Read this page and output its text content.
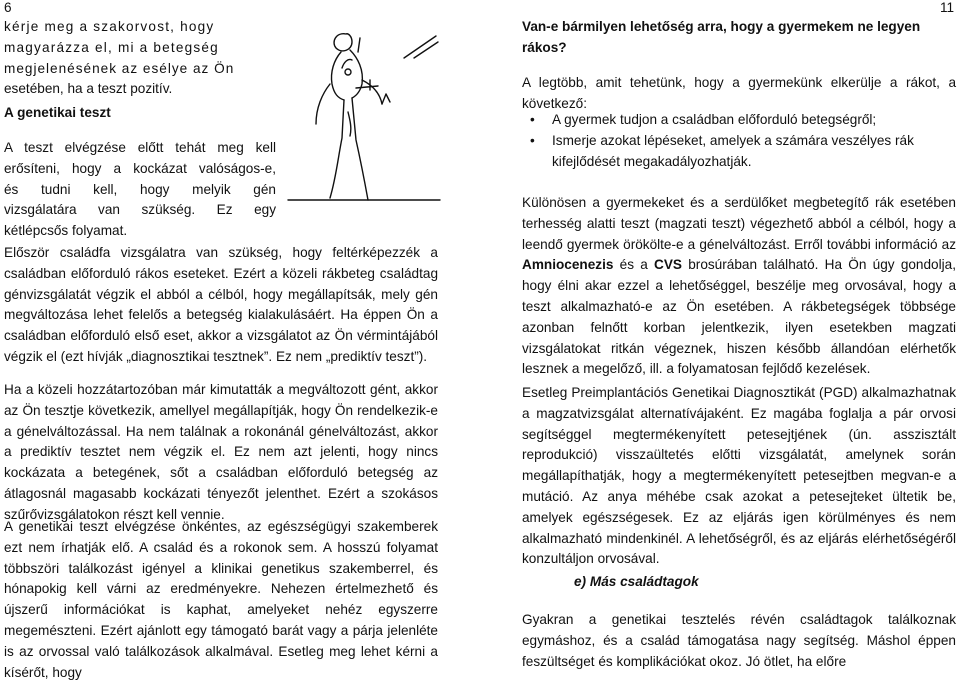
6	11
kérje meg a szakorvost, hogy
magyarázza el, mi a betegség
megjelenésének az esélye az Ön
esetében, ha a teszt pozitív.
A genetikai teszt
A teszt elvégzése előtt tehát meg kell
erősíteni, hogy a kockázat valóságos-e,
és tudni kell, hogy melyik gén
vizsgálatára van szükség. Ez egy
kétlépcsős folyamat.

Először családfa vizsgálatra van szükség, hogy feltérképezzék a családban előforduló rákos eseteket. Ezért a közeli rákbeteg családtag génvizsgálatát végzik el abból a célból, hogy megállapítsák, mely gén megváltozása lehet felelős a betegség kialakulásáért. Ha éppen Ön a családban előforduló első eset, akkor a vizsgálatot az Ön vérmintájából végzik el (ezt hívják „diagnosztikai tesztnek”. Ez nem „prediktív teszt”).

Ha a közeli hozzátartozóban már kimutatták a megváltozott gént, akkor az Ön tesztje következik, amellyel megállapítják, hogy Ön rendelkezik-e a génelváltozással. Ha nem találnak a rokonánál génelváltozást, akkor a prediktív tesztet nem végzik el. Ez nem azt jelenti, hogy nincs kockázata a betegének, sőt a családban előforduló betegség az átlagosnál magasabb kockázati tényezőt jelenthet. Ezért a szokásos szűrővizsgálatokon részt kell vennie.

A genetikai teszt elvégzése önkéntes, az egészségügyi szakemberek ezt nem írhatják elő. A család és a rokonok sem. A hosszú folyamat többszöri találkozást igényel a klinikai genetikus szakemberrel, és hónapokig kell várni az eredményekre. Nehezen értelmezhető és újszerű információkat is kaphat, amelyeket nehéz egyszerre megemészteni. Ezért ajánlott egy támogató barát vagy a párja jelenléte is az orvossal való találkozások alkalmával. Esetleg meg lehet kérni a kísérőt, hogy

Van-e bármilyen lehetőség arra, hogy a gyermekem ne legyen rákos?

A legtöbb, amit tehetünk, hogy a gyermekünk elkerülje a rákot, a következő:

• A gyermek tudjon a családban előforduló betegségről;
• Ismerje azokat lépéseket, amelyek a számára veszélyes rák kifejlődését megakadályozhatják.

Különösen a gyermekeket és a serdülőket megbetegítő rák esetében terhesség alatti teszt (magzati teszt) végezhető abból a célból, hogy a leendő gyermek örökölte-e a génelváltozást. Erről további információ az Amniocenezis és a CVS brosúrában található. Ha Ön úgy gondolja, hogy élni akar ezzel a lehetőséggel, beszélje meg orvosával, hogy a teszt alkalmazható-e az Ön esetében. A rákbetegségek többsége azonban felnőtt korban jelentkezik, ilyen esetekben magzati vizsgálatokat ritkán végeznek, hiszen később állandóan elérhetők lesznek a megelőző, ill. a folyamatosan fejlődő kezelések.

Esetleg Preimplantációs Genetikai Diagnosztikát (PGD) alkalmazhatnak a magzatvizsgálat alternatívájaként. Ez magába foglalja a pár orvosi segítséggel megtermékenyített petesejtjének (ún. asszisztált reprodukció) visszaültetés előtti vizsgálatát, amelynek során megállapíthatják, hogy a megtermékenyített petesejtben megvan-e a mutáció. Az anya méhébe csak azokat a petesejteket ültetik be, amelyek egészségesek. Ez az eljárás igen körülményes és nem alkalmazható mindenkinél. A lehetőségről, és az eljárás elérhetőségéről konzultáljon orvosával.

e) Más családtagok

Gyakran a genetikai tesztelés révén családtagok találkoznak egymáshoz, és a család támogatása nagy segítség. Máshol éppen feszültséget és komplikációkat okoz. Jó ötlet, ha előre
